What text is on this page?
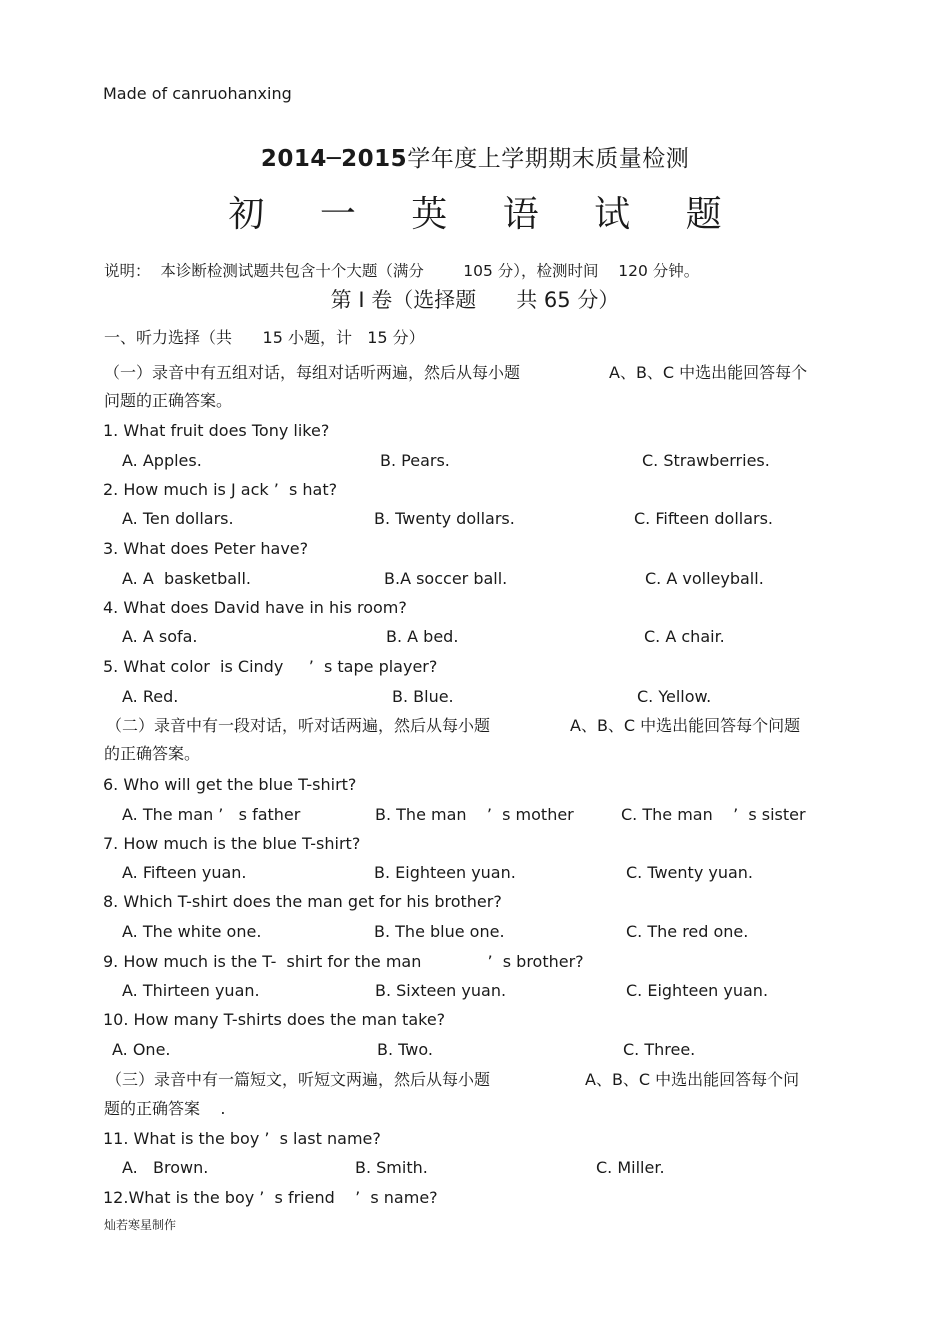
Made of canruohanxing
2014─2015学年度上学期期末质量检测
初 一 英 语 试 题
说明：  本诊断检测试题共包含十个大题（满分        105 分），检测时间    120 分钟。
第 I 卷（选择题      共 65 分）
一、听力选择（共      15 小题，计   15 分）
（一）录音中有五组对话，每组对话听两遍，然后从每小题	A、B、C 中选出能回答每个
问题的正确答案。
1. What fruit does Tony like?
A. Apples.	B. Pears.	C. Strawberries.
2. How much is J ack ’  s hat?
A. Ten dollars.	B. Twenty dollars.	C. Fifteen dollars.
3. What does Peter have?
A. A  basketball.	B.A soccer ball.	C. A volleyball.
4. What does David have in his room?
A. A sofa.	B. A bed.	C. A chair.
5. What color  is Cindy     ’  s tape player?
A. Red.	B. Blue.	C. Yellow.
（二）录音中有一段对话，听对话两遍，然后从每小题	A、B、C 中选出能回答每个问题
的正确答案。
6. Who will get the blue T-shirt?
A. The man ’   s father	B. The man    ’  s mother	C. The man    ’  s sister
7. How much is the blue T-shirt?
A. Fifteen yuan.	B. Eighteen yuan.	C. Twenty yuan.
8. Which T-shirt does the man get for his brother?
A. The white one.	B. The blue one.	C. The red one.
9. How much is the T-  shirt for the man             ’  s brother?
A. Thirteen yuan.	B. Sixteen yuan.	C. Eighteen yuan.
10. How many T-shirts does the man take?
A. One.	B. Two.	C. Three.
（三）录音中有一篇短文，听短文两遍，然后从每小题	A、B、C 中选出能回答每个问
题的正确答案    .
11. What is the boy ’  s last name?
A.   Brown.	B. Smith.	C. Miller.
12.What is the boy ’  s friend    ’  s name?
灿若寒星制作
